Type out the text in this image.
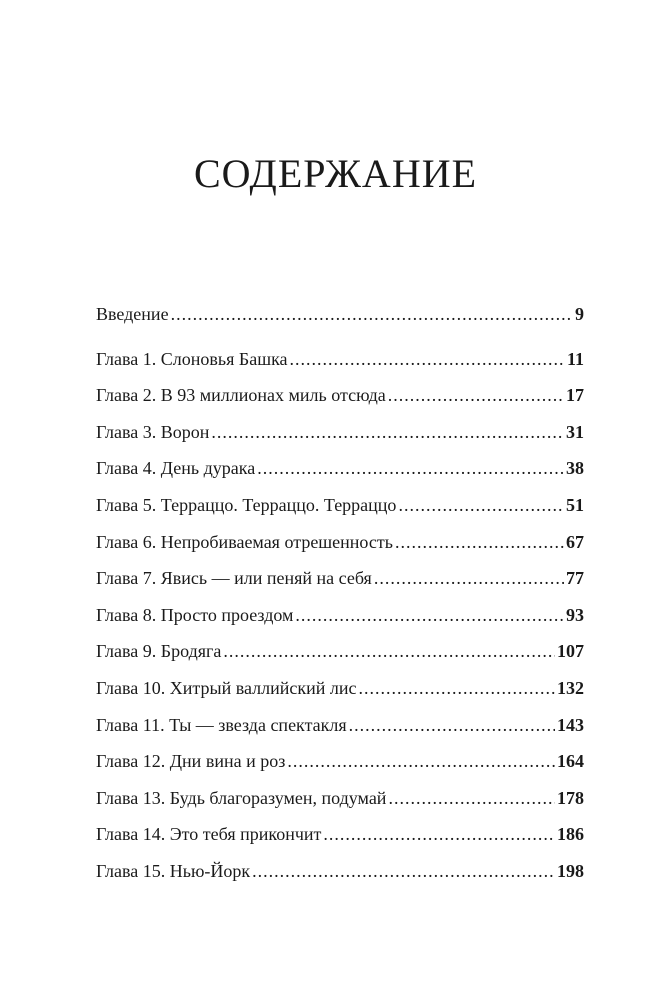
СОДЕРЖАНИЕ
Введение .....	9
Глава 1. Слоновья Башка .....	11
Глава 2. В 93 миллионах миль отсюда .....	17
Глава 3. Ворон .....	31
Глава 4. День дурака .....	38
Глава 5. Терраццо. Терраццо. Терраццо .....	51
Глава 6. Непробиваемая отрешенность .....	67
Глава 7. Явись — или пеняй на себя .....	77
Глава 8. Просто проездом .....	93
Глава 9. Бродяга .....	107
Глава 10. Хитрый валлийский лис .....	132
Глава 11. Ты — звезда спектакля .....	143
Глава 12. Дни вина и роз .....	164
Глава 13. Будь благоразумен, подумай .....	178
Глава 14. Это тебя прикончит .....	186
Глава 15. Нью-Йорк .....	198
